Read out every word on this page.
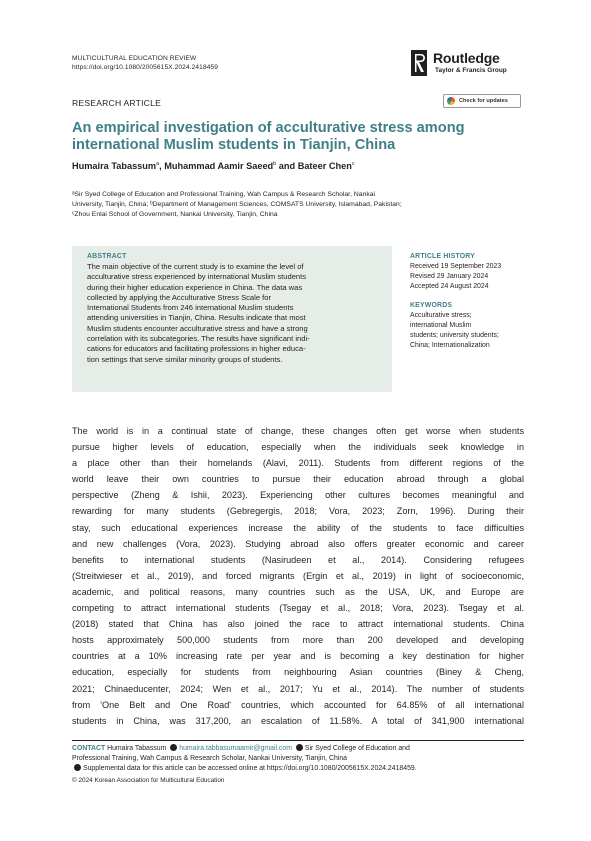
MULTICULTURAL EDUCATION REVIEW
https://doi.org/10.1080/2005615X.2024.2418459
Routledge
Taylor & Francis Group
RESEARCH ARTICLE	Check for updates
An empirical investigation of acculturative stress among
international Muslim students in Tianjin, China
Humaira Tabassum$^a$, Muhammad Aamir Saeed$^b$ and Bateer Chen$^c$
ᵃSir Syed College of Education and Professional Training, Wah Campus & Research Scholar, Nankai
University, Tianjin, China; ᵇDepartment of Management Sciences, COMSATS University, Islamabad, Pakistan;
ᶜZhou Enlai School of Government, Nankai University, Tianjin, China
ABSTRACT
The main objective of the current study is to examine the level of
acculturative stress experienced by international Muslim students
during their higher education experience in China. The data was
collected by applying the Acculturative Stress Scale for
International Students from 246 international Muslim students
attending universities in Tianjin, China. Results indicate that most
Muslim students encounter acculturative stress and have a strong
correlation with its subcategories. The results have significant indi-
cations for educators and facilitating professions in higher educa-
tion settings that serve similar minority groups of students.
ARTICLE HISTORY
Received 19 September 2023
Revised 29 January 2024
Accepted 24 August 2024
KEYWORDS
Acculturative stress;
international Muslim
students; university students;
China; Internationalization
The world is in a continual state of change, these changes often get worse when students
pursue higher levels of education, especially when the individuals seek knowledge in
a place other than their homelands (Alavi, 2011). Students from different regions of the
world leave their own countries to pursue their education abroad through a global
perspective (Zheng & Ishii, 2023). Experiencing other cultures becomes meaningful and
rewarding for many students (Gebregergis, 2018; Vora, 2023; Zorn, 1996). During their
stay, such educational experiences increase the ability of the students to face difficulties
and new challenges (Vora, 2023). Studying abroad also offers greater economic and career
benefits to international students (Nasirudeen et al., 2014). Considering refugees
(Streitwieser et al., 2019), and forced migrants (Ergin et al., 2019) in light of socioeconomic,
academic, and political reasons, many countries such as the USA, UK, and Europe are
competing to attract international students (Tsegay et al., 2018; Vora, 2023). Tsegay et al.
(2018) stated that China has also joined the race to attract international students. China
hosts approximately 500,000 students from more than 200 developed and developing
countries at a 10% increasing rate per year and is becoming a key destination for higher
education, especially for students from neighbouring Asian countries (Biney & Cheng,
2021; Chinaeducenter, 2024; Wen et al., 2017; Yu et al., 2014). The number of students
from 'One Belt and One Road' countries, which accounted for 64.85% of all international
students in China, was 317,200, an escalation of 11.58%. A total of 341,900 international
CONTACT Humaira Tabassum humaira.tabbasumaamir@gmail.com Sir Syed College of Education and
Professional Training, Wah Campus & Research Scholar, Nankai University, Tianjin, China
Supplemental data for this article can be accessed online at https://doi.org/10.1080/2005615X.2024.2418459.
© 2024 Korean Association for Multicultural Education
